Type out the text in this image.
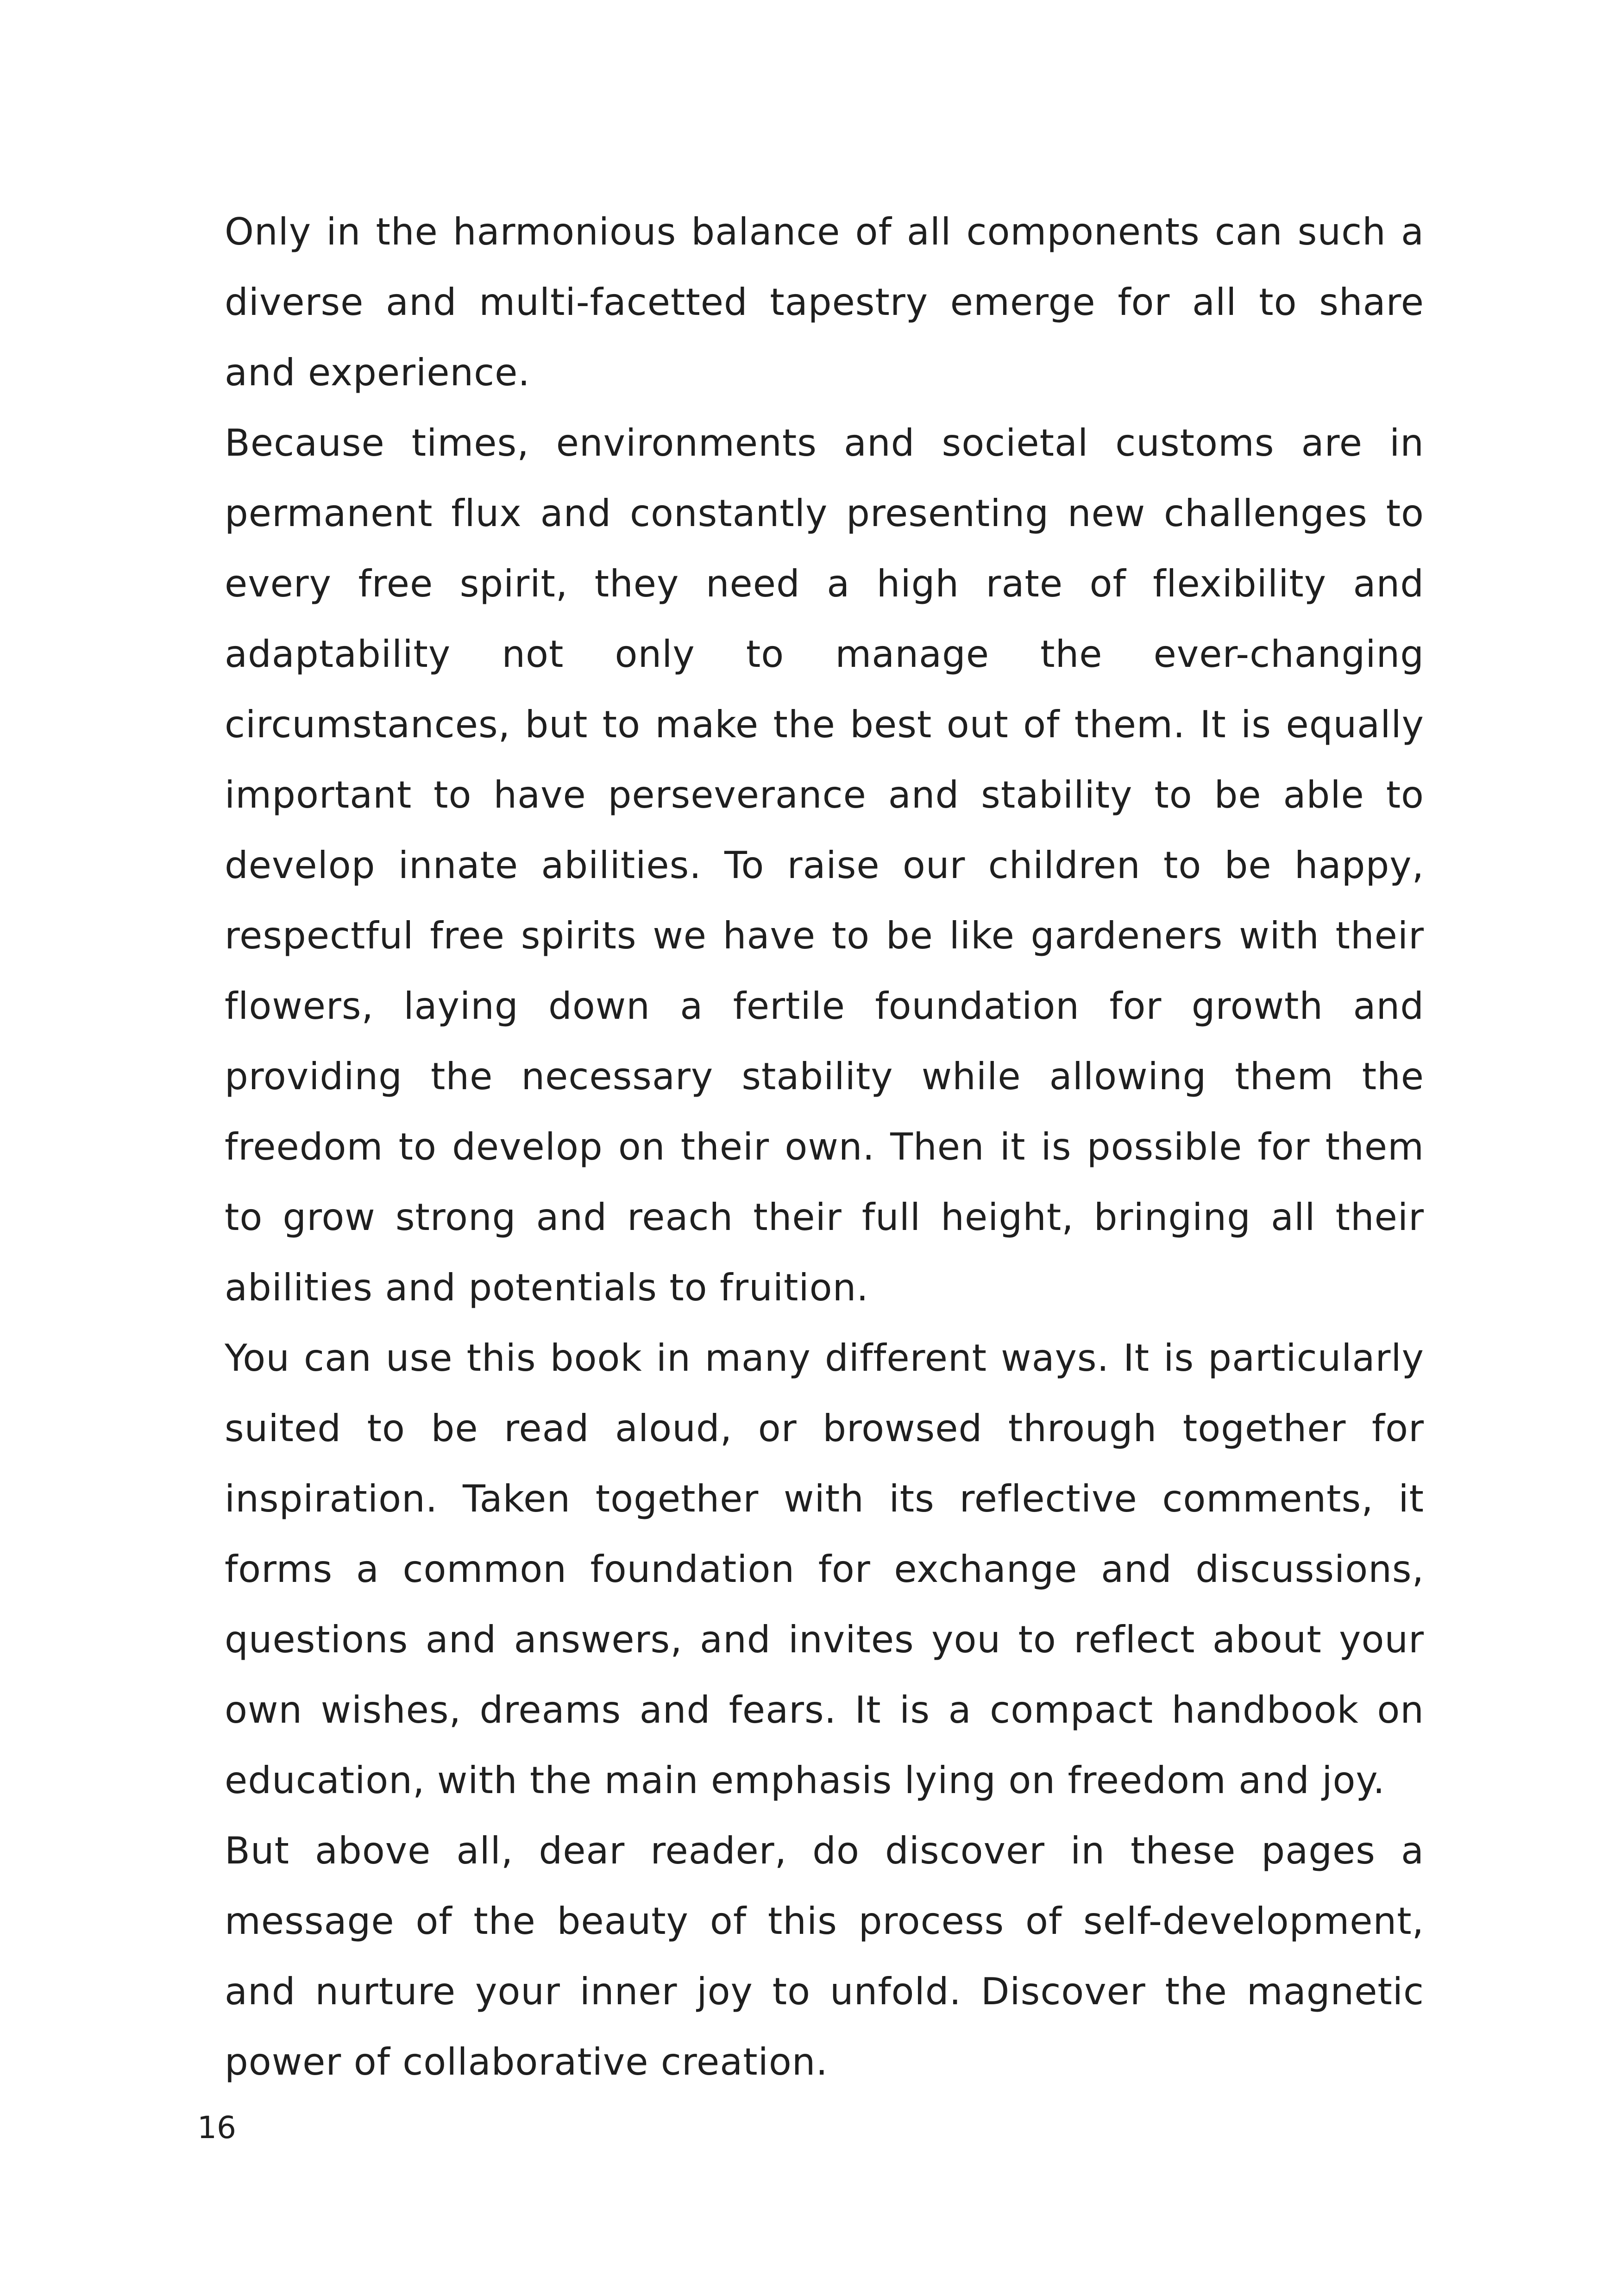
Only in the harmonious balance of all components can such a diverse and multi-facetted tapestry emerge for all to share and experience.

Because times, environments and societal customs are in permanent flux and constantly presenting new challenges to every free spirit, they need a high rate of flexibility and adaptability not only to manage the ever-changing circumstances, but to make the best out of them. It is equally important to have perseverance and stability to be able to develop innate abilities. To raise our children to be happy, respectful free spirits we have to be like gardeners with their flowers, laying down a fertile foundation for growth and providing the necessary stability while allowing them the freedom to develop on their own. Then it is possible for them to grow strong and reach their full height, bringing all their abilities and potentials to fruition.

You can use this book in many different ways. It is particularly suited to be read aloud, or browsed through together for inspiration. Taken together with its reflective comments, it forms a common foundation for exchange and discussions, questions and answers, and invites you to reflect about your own wishes, dreams and fears. It is a compact handbook on education, with the main emphasis lying on freedom and joy.

But above all, dear reader, do discover in these pages a message of the beauty of this process of self-development, and nurture your inner joy to unfold. Discover the magnetic power of collaborative creation.

16
